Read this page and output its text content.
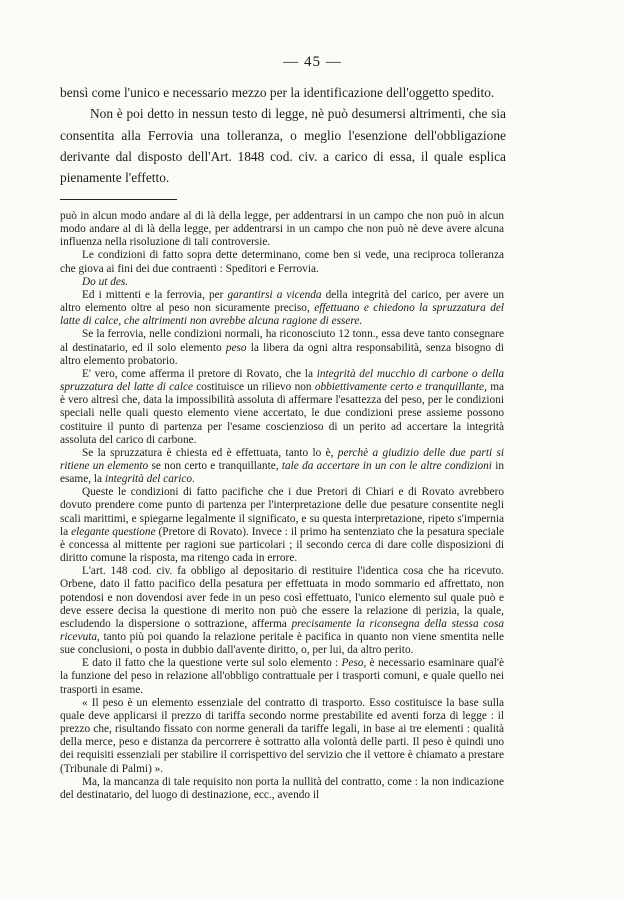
— 45 —

bensì come l'unico e necessario mezzo per la identificazione dell'oggetto spedito.

Non è poi detto in nessun testo di legge, nè può desumersi altrimenti, che sia consentita alla Ferrovia una tolleranza, o meglio l'esenzione dell'obbligazione derivante dal disposto dell'Art. 1848 cod. civ. a carico di essa, il quale esplica pienamente l'effetto.

può in alcun modo andare al di là della legge, per addentrarsi in un campo che non può in alcun modo andare al di là della legge, per addentrarsi in un campo che non può nè deve avere alcuna influenza nella risoluzione di tali controversie.

Le condizioni di fatto sopra dette determinano, come ben si vede, una reciproca tolleranza che giova ai fini dei due contraenti : Speditori e Ferrovia.

Do ut des.

Ed i mittenti e la ferrovia, per garantirsi a vicenda della integrità del carico, per avere un altro elemento oltre al peso non sicuramente preciso, effettuano e chiedono la spruzzatura del latte di calce, che altrimenti non avrebbe alcuna ragione di essere.

Se la ferrovia, nelle condizioni normali, ha riconosciuto 12 tonn., essa deve tanto consegnare al destinatario, ed il solo elemento peso la libera da ogni altra responsabilità, senza bisogno di altro elemento probatorio.

E' vero, come afferma il pretore di Rovato, che la integrità del mucchio di carbone o della spruzzatura del latte di calce costituisce un rilievo non obbiettivamente certo e tranquillante, ma è vero altresì che, data la impossibilità assoluta di affermare l'esattezza del peso, per le condizioni speciali nelle quali questo elemento viene accertato, le due condizioni prese assieme possono costituire il punto di partenza per l'esame coscienzioso di un perito ad accertare la integrità assoluta del carico di carbone.

Se la spruzzatura è chiesta ed è effettuata, tanto lo è, perchè a giudizio delle due parti si ritiene un elemento se non certo e tranquillante, tale da accertare in un con le altre condizioni in esame, la integrità del carico.

Queste le condizioni di fatto pacifiche che i due Pretori di Chiari e di Rovato avrebbero dovuto prendere come punto di partenza per l'interpretazione delle due pesature consentite negli scali marittimi, e spiegarne legalmente il significato, e su questa interpretazione, ripeto s'impernia la elegante questione (Pretore di Rovato). Invece : il primo ha sentenziato che la pesatura speciale è concessa al mittente per ragioni sue particolari ; il secondo cerca di dare colle disposizioni di diritto comune la risposta, ma ritengo cada in errore.

L'art. 148 cod. civ. fa obbligo al depositario di restituire l'identica cosa che ha ricevuto. Orbene, dato il fatto pacifico della pesatura per effettuata in modo sommario ed affrettato, non potendosi e non dovendosi aver fede in un peso così effettuato, l'unico elemento sul quale può e deve essere decisa la questione di merito non può che essere la relazione di perizia, la quale, escludendo la dispersione o sottrazione, afferma precisamente la riconsegna della stessa cosa ricevuta, tanto più poi quando la relazione peritale è pacifica in quanto non viene smentita nelle sue conclusioni, o posta in dubbio dall'avente diritto, o, per lui, da altro perito.

E dato il fatto che la questione verte sul solo elemento : Peso, è necessario esaminare qual'è la funzione del peso in relazione all'obbligo contrattuale per i trasporti comuni, e quale quello nei trasporti in esame.

« Il peso è un elemento essenziale del contratto di trasporto. Esso costituisce la base sulla quale deve applicarsi il prezzo di tariffa secondo norme prestabilite ed aventi forza di legge : il prezzo che, risultando fissato con norme generali da tariffe legali, in base ai tre elementi : qualità della merce, peso e distanza da percorrere è sottratto alla volontà delle parti. Il peso è quindi uno dei requisiti essenziali per stabilire il corrispettivo del servizio che il vettore è chiamato a prestare (Tribunale di Palmi) ».

Ma, la mancanza di tale requisito non porta la nullità del contratto, come : la non indicazione del destinatario, del luogo di destinazione, ecc., avendo il
